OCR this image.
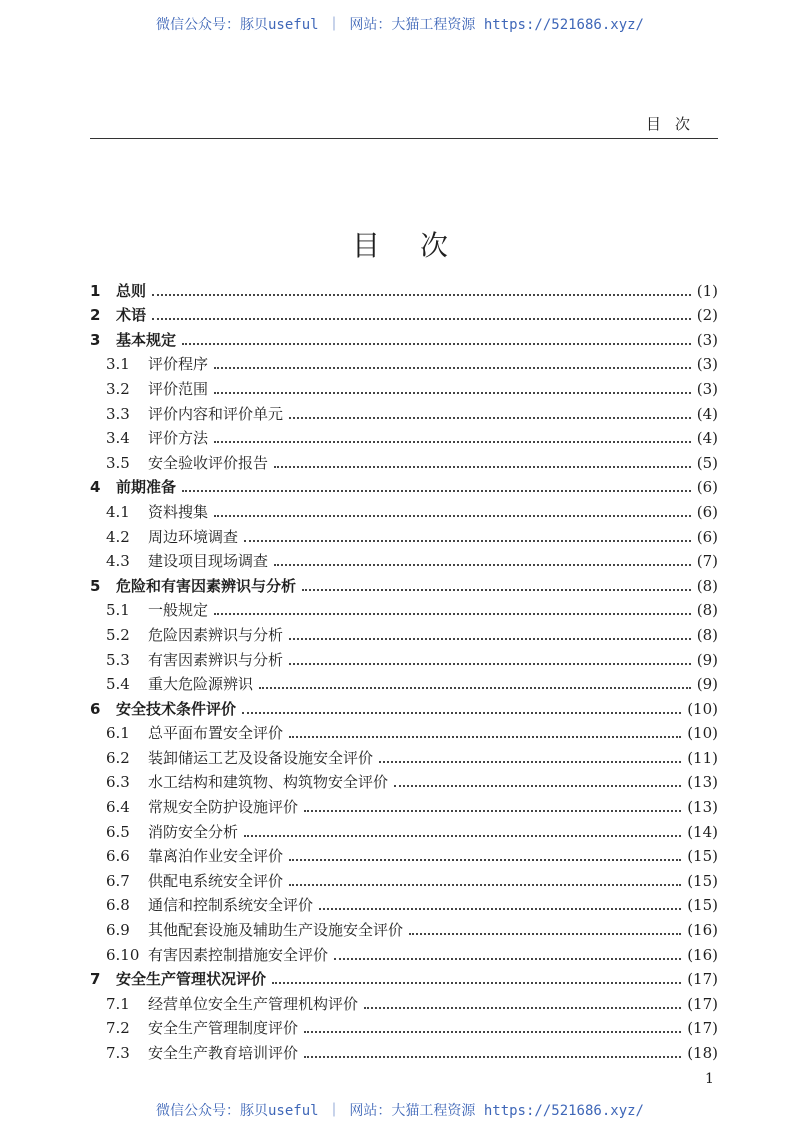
微信公众号：豚贝useful ｜ 网站：大猫工程资源 https://521686.xyz/
目次
目次
1	总则	(1)
2	术语	(2)
3	基本规定	(3)
3.1	评价程序	(3)
3.2	评价范围	(3)
3.3	评价内容和评价单元	(4)
3.4	评价方法	(4)
3.5	安全验收评价报告	(5)
4	前期准备	(6)
4.1	资料搜集	(6)
4.2	周边环境调查	(6)
4.3	建设项目现场调查	(7)
5	危险和有害因素辨识与分析	(8)
5.1	一般规定	(8)
5.2	危险因素辨识与分析	(8)
5.3	有害因素辨识与分析	(9)
5.4	重大危险源辨识	(9)
6	安全技术条件评价	(10)
6.1	总平面布置安全评价	(10)
6.2	装卸储运工艺及设备设施安全评价	(11)
6.3	水工结构和建筑物、构筑物安全评价	(13)
6.4	常规安全防护设施评价	(13)
6.5	消防安全分析	(14)
6.6	靠离泊作业安全评价	(15)
6.7	供配电系统安全评价	(15)
6.8	通信和控制系统安全评价	(15)
6.9	其他配套设施及辅助生产设施安全评价	(16)
6.10 有害因素控制措施安全评价	(16)
7	安全生产管理状况评价	(17)
7.1	经营单位安全生产管理机构评价	(17)
7.2	安全生产管理制度评价	(17)
7.3	安全生产教育培训评价	(18)
1
微信公众号：豚贝useful ｜ 网站：大猫工程资源 https://521686.xyz/
